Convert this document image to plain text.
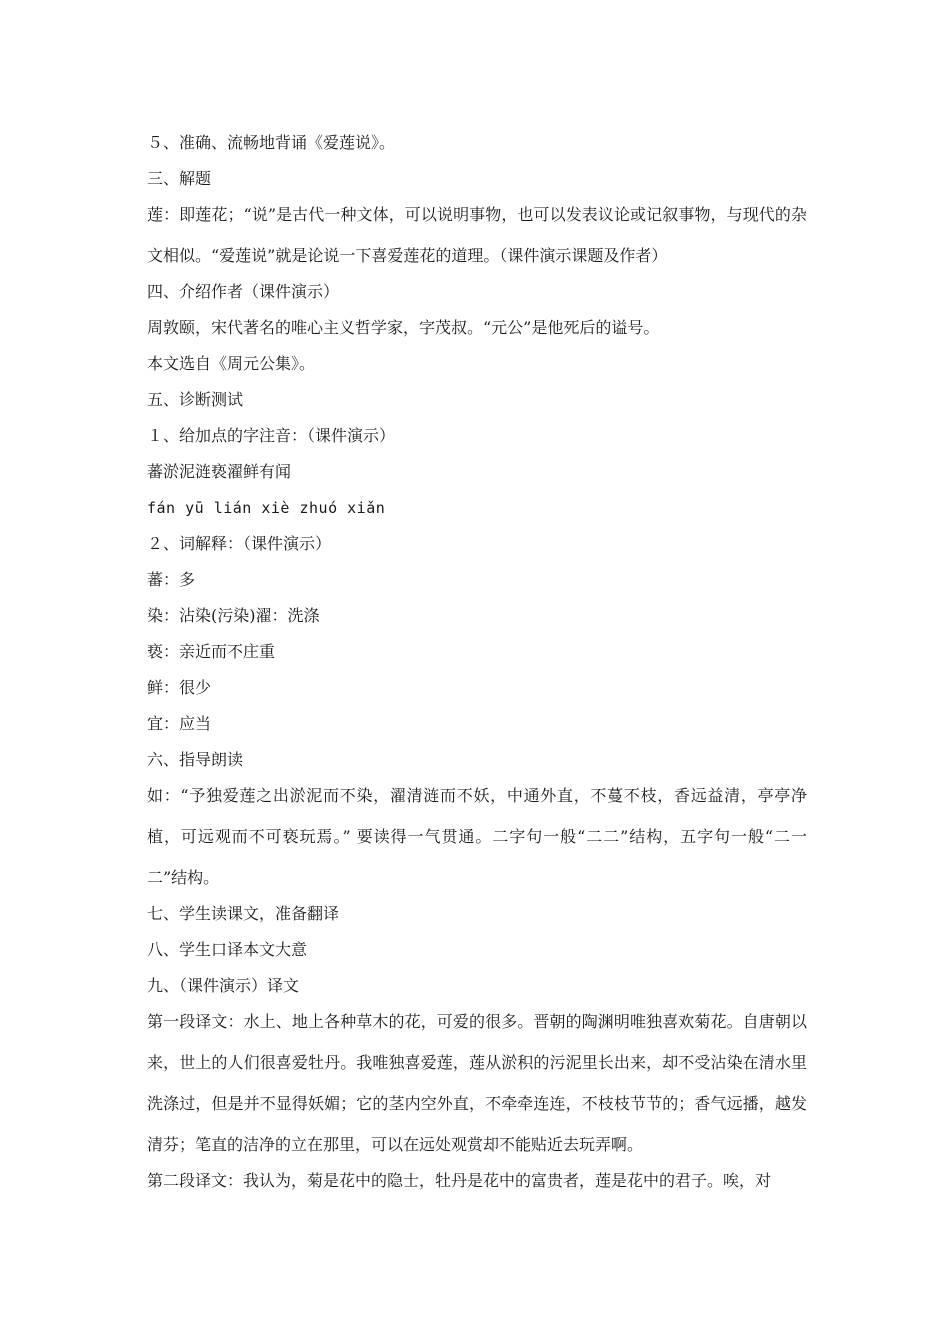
５、准确、流畅地背诵《爱莲说》。
三、解题
莲：即莲花；“说”是古代一种文体，可以说明事物，也可以发表议论或记叙事物，与现代的杂文相似。“爱莲说”就是论说一下喜爱莲花的道理。（课件演示课题及作者）
四、介绍作者（课件演示）
周敦颐，宋代著名的唯心主义哲学家，字茂叔。“元公”是他死后的谥号。
本文选自《周元公集》。
五、诊断测试
１、给加点的字注音：（课件演示）
蕃淤泥涟亵濯鲜有闻
fán yū lián xiè zhuó xiǎn
２、词解释：（课件演示）
蕃：多
染：沾染(污染)濯：洗涤
亵：亲近而不庄重
鲜：很少
宜：应当
六、指导朗读
如：“予独爱莲之出淤泥而不染，濯清涟而不妖，中通外直，不蔓不枝，香远益清，亭亭净植，可远观而不可亵玩焉。” 要读得一气贯通。二字句一般“二二”结构，五字句一般“二一二”结构。
七、学生读课文，准备翻译
八、学生口译本文大意
九、（课件演示）译文
第一段译文：水上、地上各种草木的花，可爱的很多。晋朝的陶渊明唯独喜欢菊花。自唐朝以来，世上的人们很喜爱牡丹。我唯独喜爱莲，莲从淤积的污泥里长出来，却不受沾染在清水里洗涤过，但是并不显得妖媚；它的茎内空外直，不牵牵连连，不枝枝节节的；香气远播，越发清芬；笔直的洁净的立在那里，可以在远处观赏却不能贴近去玩弄啊。
第二段译文：我认为，菊是花中的隐士，牡丹是花中的富贵者，莲是花中的君子。唉，对
